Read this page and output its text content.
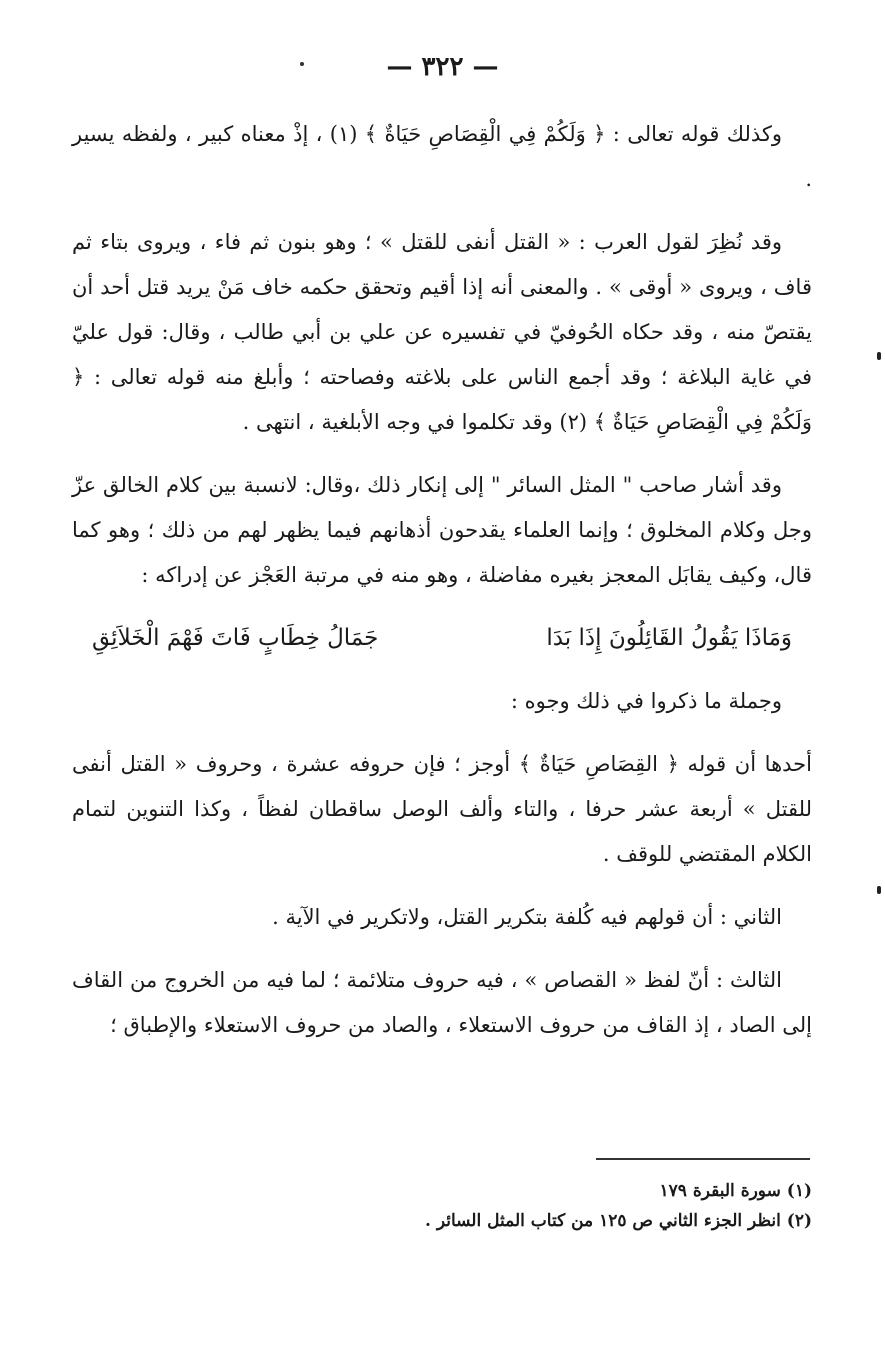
— ٣٢٢ —

وكذلك قوله تعالى : ﴿ وَلَكُمْ فِي الْقِصَاصِ حَيَاةٌ ﴾ (١) ، إذْ معناه كبير ، ولفظه يسير .

وقد نُظِرَ لقول العرب : « القتل أنفى للقتل » ؛ وهو بنون ثم فاء ، ويروى بتاء ثم قاف ، ويروى « أوقى » . والمعنى أنه إذا أقيم وتحقق حكمه خاف مَنْ يريد قتل أحد أن يقتصّ منه ، وقد حكاه الحُوفيّ في تفسيره عن علي بن أبي طالب ، وقال: قول عليّ في غاية البلاغة ؛ وقد أجمع الناس على بلاغته وفصاحته ؛ وأبلغ منه قوله تعالى : ﴿ وَلَكُمْ فِي الْقِصَاصِ حَيَاةٌ ﴾ (٢) وقد تكلموا في وجه الأبلغية ، انتهى .

وقد أشار صاحب " المثل السائر " إلى إنكار ذلك ،وقال: لانسبة بين كلام الخالق عزّ وجل وكلام المخلوق ؛ وإنما العلماء يقدحون أذهانهم فيما يظهر لهم من ذلك ؛ وهو كما قال، وكيف يقابَل المعجز بغيره مفاضلة ، وهو منه في مرتبة العَجْز عن إدراكه :

وَمَاذَا يَقُولُ القَائِلُونَ إِذَا بَدَا
جَمَالُ خِطَابٍ فَاتَ فَهْمَ الْخَلاَئِقِ

وجملة ما ذكروا في ذلك وجوه :

أحدها أن قوله ﴿ القِصَاصِ حَيَاةٌ ﴾ أوجز ؛ فإن حروفه عشرة ، وحروف « القتل أنفى للقتل » أربعة عشر حرفا ، والتاء وألف الوصل ساقطان لفظاً ، وكذا التنوين لتمام الكلام المقتضي للوقف .

الثاني : أن قولهم فيه كُلفة بتكرير القتل، ولاتكرير في الآية .

الثالث : أنّ لفظ « القصاص » ، فيه حروف متلائمة ؛ لما فيه من الخروج من القاف إلى الصاد ، إذ القاف من حروف الاستعلاء ، والصاد من حروف الاستعلاء والإطباق ؛

(١) سورة البقرة ١٧٩

(٢) انظر الجزء الثاني ص ١٢٥ من كتاب المثل السائر .
